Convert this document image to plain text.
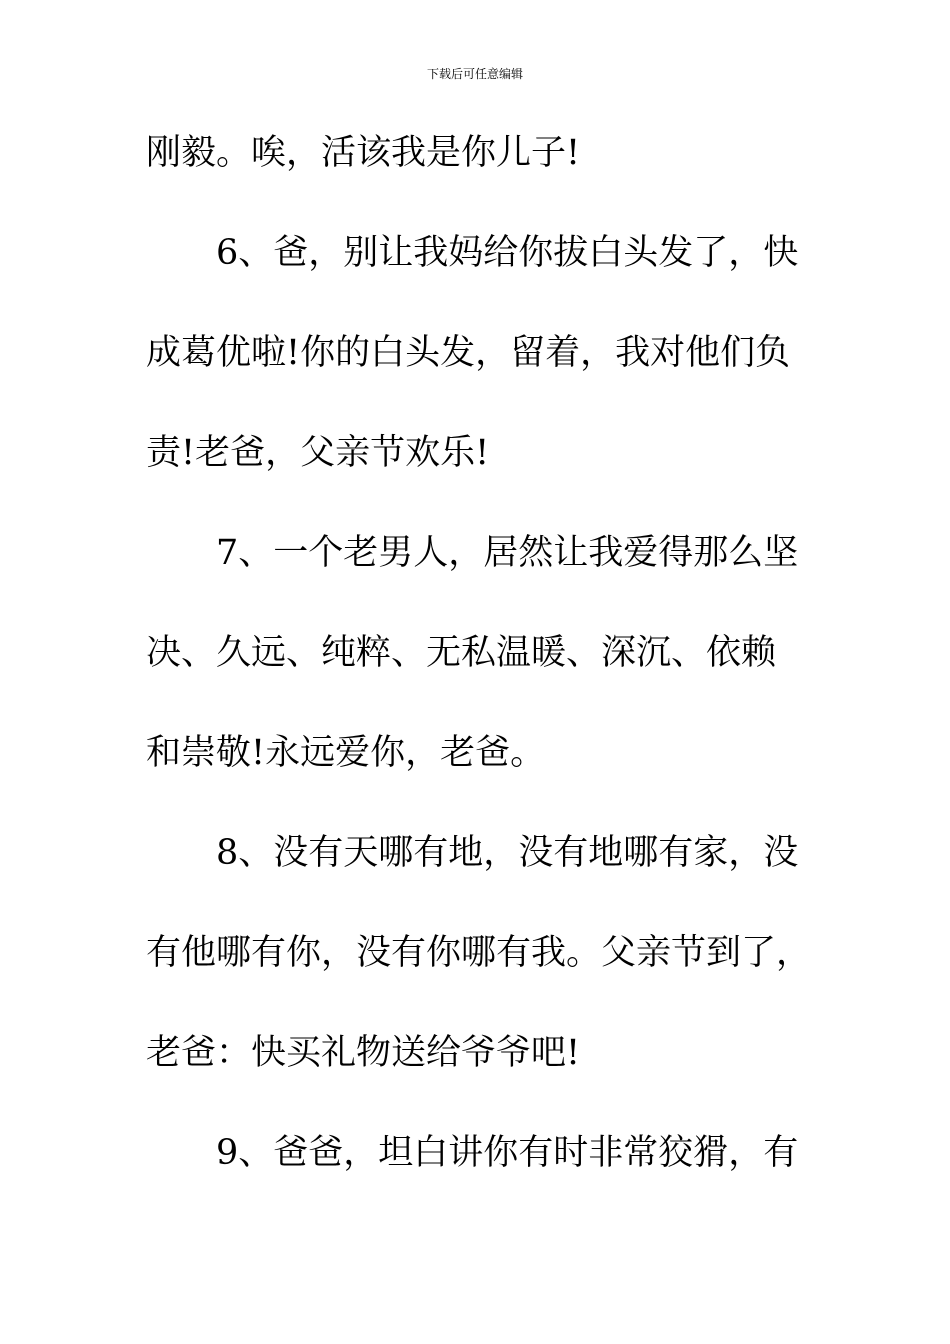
下载后可任意编辑
刚毅。唉，活该我是你儿子!
6、爸，别让我妈给你拔白头发了，快
成葛优啦!你的白头发，留着，我对他们负
责!老爸，父亲节欢乐!
7、一个老男人，居然让我爱得那么坚
决、久远、纯粹、无私温暖、深沉、依赖
和崇敬!永远爱你，老爸。
8、没有天哪有地，没有地哪有家，没
有他哪有你，没有你哪有我。父亲节到了，
老爸：快买礼物送给爷爷吧!
9、爸爸，坦白讲你有时非常狡猾，有
